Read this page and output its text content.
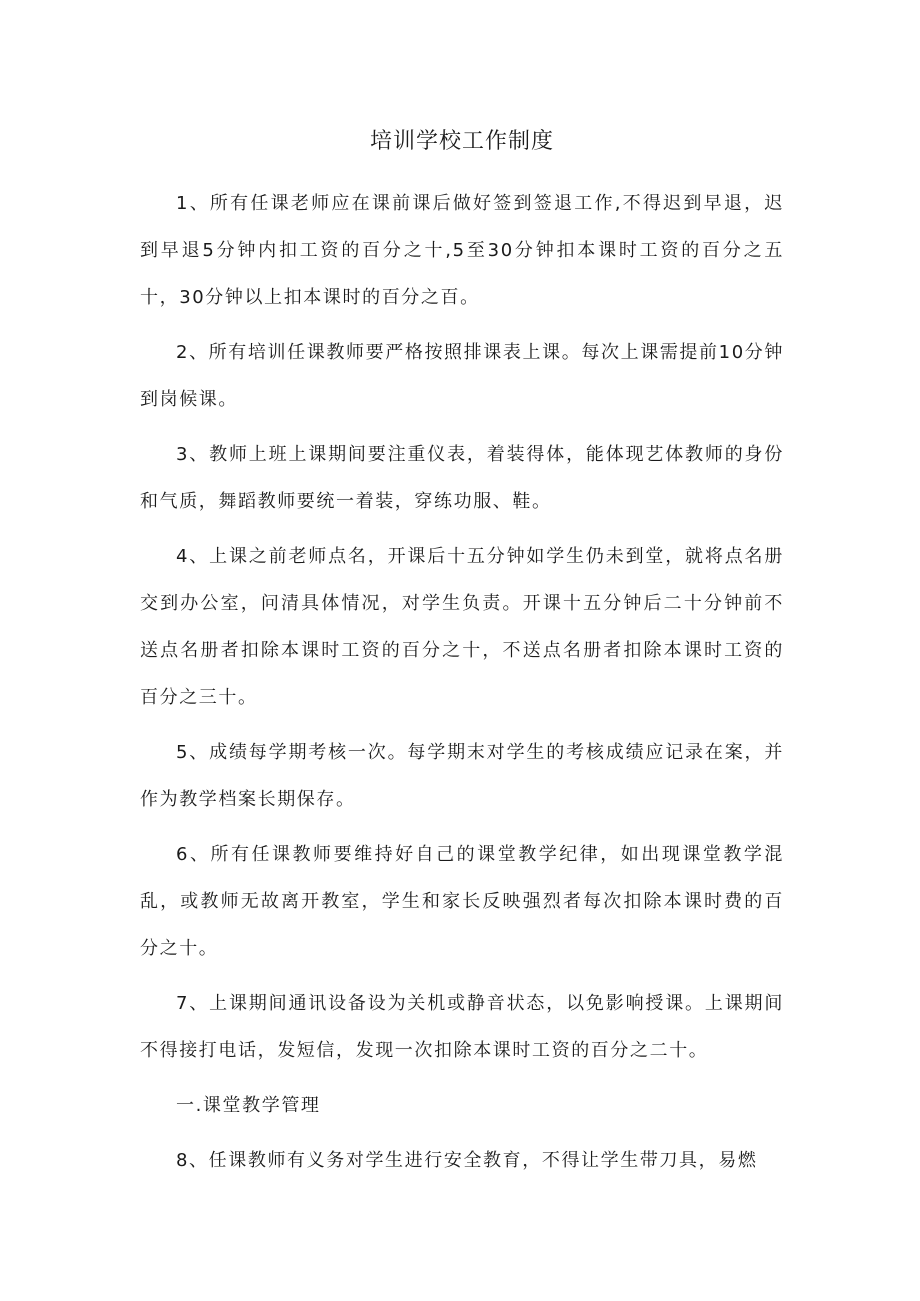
培训学校工作制度

1、所有任课老师应在课前课后做好签到签退工作,不得迟到早退，迟到早退5分钟内扣工资的百分之十,5至30分钟扣本课时工资的百分之五十，30分钟以上扣本课时的百分之百。

2、所有培训任课教师要严格按照排课表上课。每次上课需提前10分钟到岗候课。

3、教师上班上课期间要注重仪表，着装得体，能体现艺体教师的身份和气质，舞蹈教师要统一着装，穿练功服、鞋。

4、上课之前老师点名，开课后十五分钟如学生仍未到堂，就将点名册交到办公室，问清具体情况，对学生负责。开课十五分钟后二十分钟前不送点名册者扣除本课时工资的百分之十，不送点名册者扣除本课时工资的百分之三十。

5、成绩每学期考核一次。每学期末对学生的考核成绩应记录在案，并作为教学档案长期保存。

6、所有任课教师要维持好自己的课堂教学纪律，如出现课堂教学混乱，或教师无故离开教室，学生和家长反映强烈者每次扣除本课时费的百分之十。

7、上课期间通讯设备设为关机或静音状态，以免影响授课。上课期间不得接打电话，发短信，发现一次扣除本课时工资的百分之二十。

一.课堂教学管理

8、任课教师有义务对学生进行安全教育，不得让学生带刀具，易燃
